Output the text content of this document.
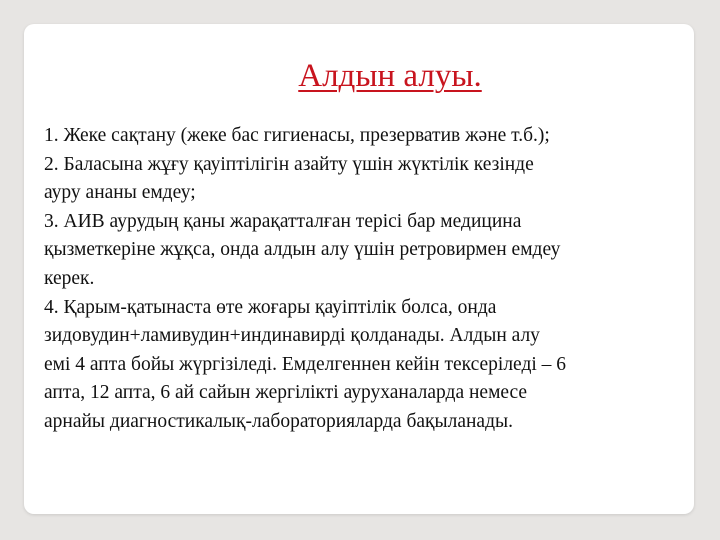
Алдын алуы.

1. Жеке сақтану (жеке бас гигиенасы, презерватив және т.б.);

2. Баласына жұғу қауіптілігін азайту үшін жүктілік кезінде

ауру ананы емдеу;

3. АИВ аурудың қаны жарақатталған терісі бар медицина

қызметкеріне жұқса, онда алдын алу үшін ретровирмен емдеу

керек.

4. Қарым-қатынаста өте жоғары қауіптілік болса, онда

зидовудин+ламивудин+индинавирді қолданады. Алдын алу

емі 4 апта бойы жүргізіледі. Емделгеннен кейін тексеріледі – 6

апта, 12 апта, 6 ай сайын жергілікті ауруханаларда немесе

арнайы диагностикалық-лабораторияларда бақыланады.
